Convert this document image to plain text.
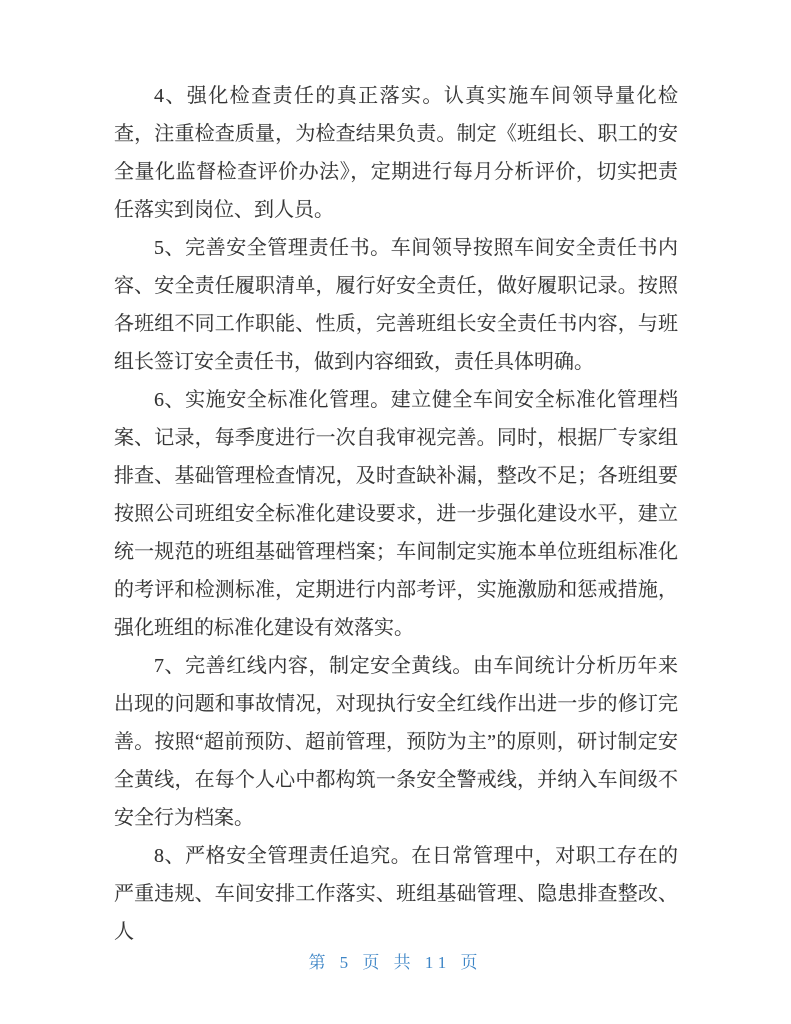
4、强化检查责任的真正落实。认真实施车间领导量化检查，注重检查质量，为检查结果负责。制定《班组长、职工的安全量化监督检查评价办法》，定期进行每月分析评价，切实把责任落实到岗位、到人员。

5、完善安全管理责任书。车间领导按照车间安全责任书内容、安全责任履职清单，履行好安全责任，做好履职记录。按照各班组不同工作职能、性质，完善班组长安全责任书内容，与班组长签订安全责任书，做到内容细致，责任具体明确。

6、实施安全标准化管理。建立健全车间安全标准化管理档案、记录，每季度进行一次自我审视完善。同时，根据厂专家组排查、基础管理检查情况，及时查缺补漏，整改不足；各班组要按照公司班组安全标准化建设要求，进一步强化建设水平，建立统一规范的班组基础管理档案；车间制定实施本单位班组标准化的考评和检测标准，定期进行内部考评，实施激励和惩戒措施，强化班组的标准化建设有效落实。

7、完善红线内容，制定安全黄线。由车间统计分析历年来出现的问题和事故情况，对现执行安全红线作出进一步的修订完善。按照“超前预防、超前管理，预防为主”的原则，研讨制定安全黄线，在每个人心中都构筑一条安全警戒线，并纳入车间级不安全行为档案。

8、严格安全管理责任追究。在日常管理中，对职工存在的严重违规、车间安排工作落实、班组基础管理、隐患排查整改、人

第 5 页 共 11 页
